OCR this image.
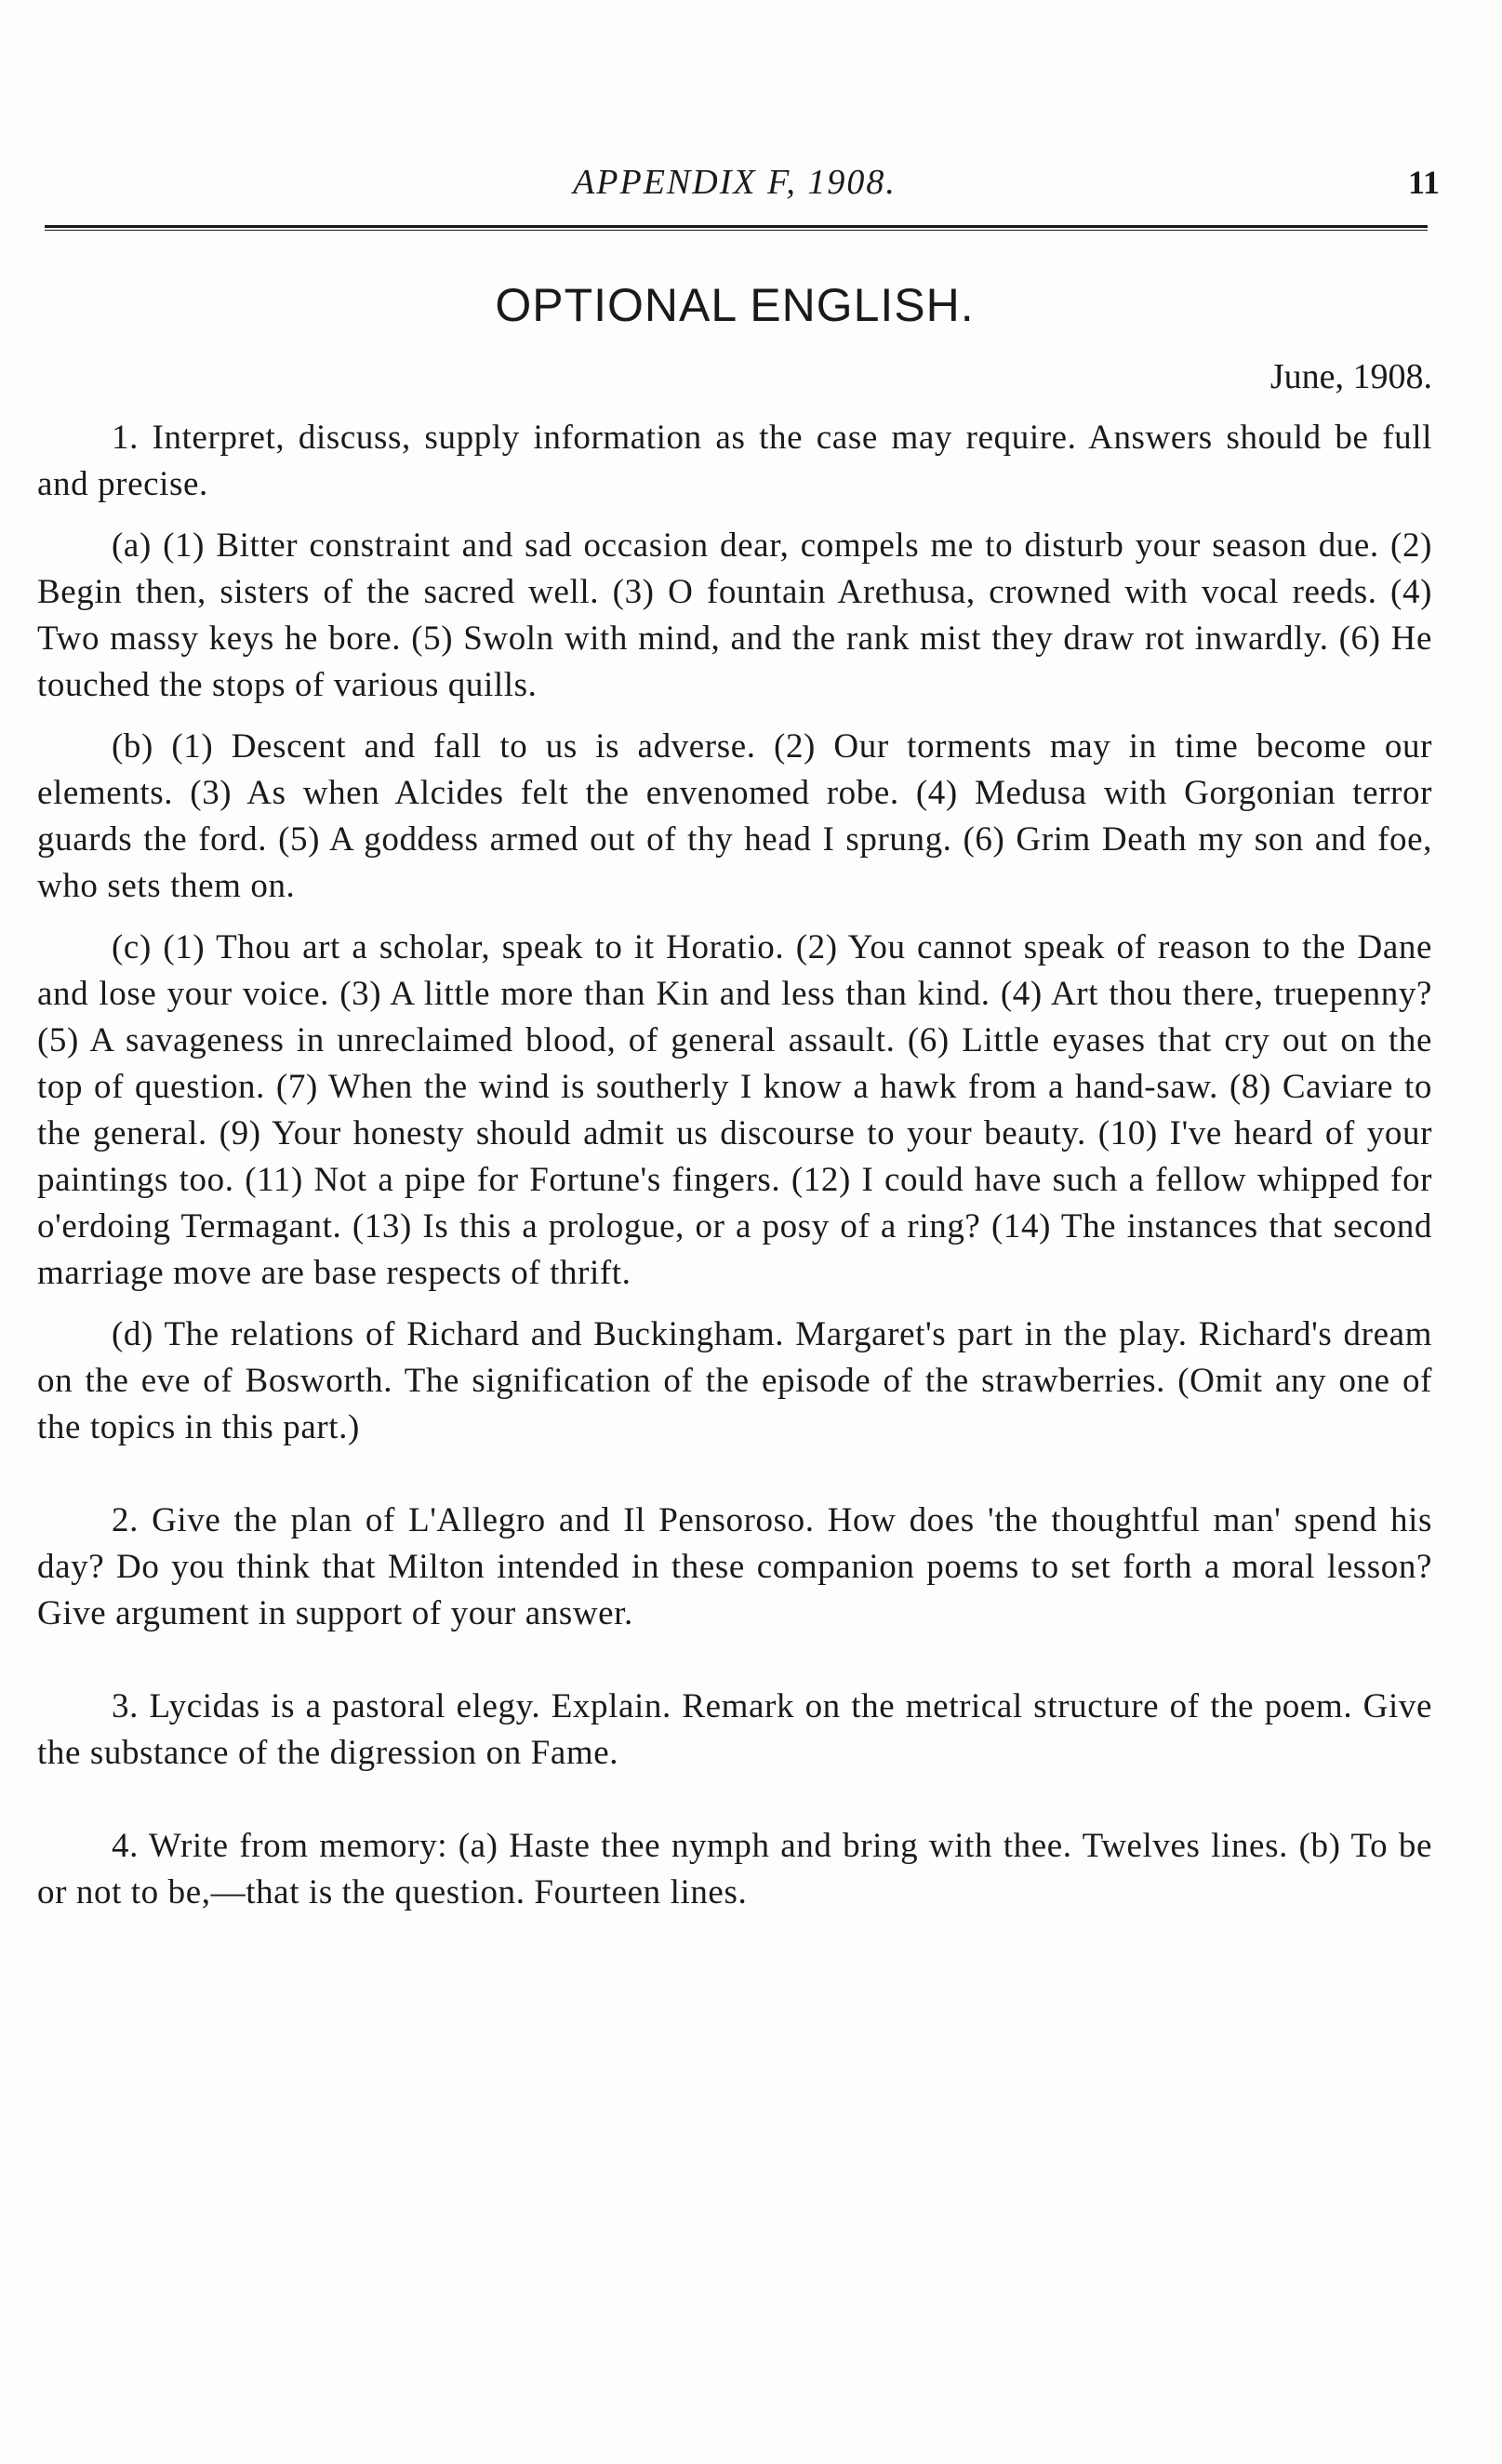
APPENDIX F, 1908.	11
OPTIONAL ENGLISH.
June, 1908.

1. Interpret, discuss, supply information as the case may require. Answers should be full and precise.

(a) (1) Bitter constraint and sad occasion dear, compels me to disturb your season due. (2) Begin then, sisters of the sacred well. (3) O fountain Arethusa, crowned with vocal reeds. (4) Two massy keys he bore. (5) Swoln with mind, and the rank mist they draw rot inwardly. (6) He touched the stops of various quills.

(b) (1) Descent and fall to us is adverse. (2) Our torments may in time become our elements. (3) As when Alcides felt the envenomed robe. (4) Medusa with Gorgonian terror guards the ford. (5) A goddess armed out of thy head I sprung. (6) Grim Death my son and foe, who sets them on.

(c) (1) Thou art a scholar, speak to it Horatio. (2) You cannot speak of reason to the Dane and lose your voice. (3) A little more than Kin and less than kind. (4) Art thou there, truepenny? (5) A savageness in unreclaimed blood, of general assault. (6) Little eyases that cry out on the top of question. (7) When the wind is southerly I know a hawk from a hand-saw. (8) Caviare to the general. (9) Your honesty should admit us discourse to your beauty. (10) I've heard of your paintings too. (11) Not a pipe for Fortune's fingers. (12) I could have such a fellow whipped for o'erdoing Termagant. (13) Is this a prologue, or a posy of a ring? (14) The instances that second marriage move are base respects of thrift.

(d) The relations of Richard and Buckingham. Margaret's part in the play. Richard's dream on the eve of Bosworth. The signification of the episode of the strawberries. (Omit any one of the topics in this part.)

2. Give the plan of L'Allegro and Il Pensoroso. How does 'the thoughtful man' spend his day? Do you think that Milton intended in these companion poems to set forth a moral lesson? Give argument in support of your answer.

3. Lycidas is a pastoral elegy. Explain. Remark on the metrical structure of the poem. Give the substance of the digression on Fame.

4. Write from memory: (a) Haste thee nymph and bring with thee. Twelves lines. (b) To be or not to be,—that is the question. Fourteen lines.
